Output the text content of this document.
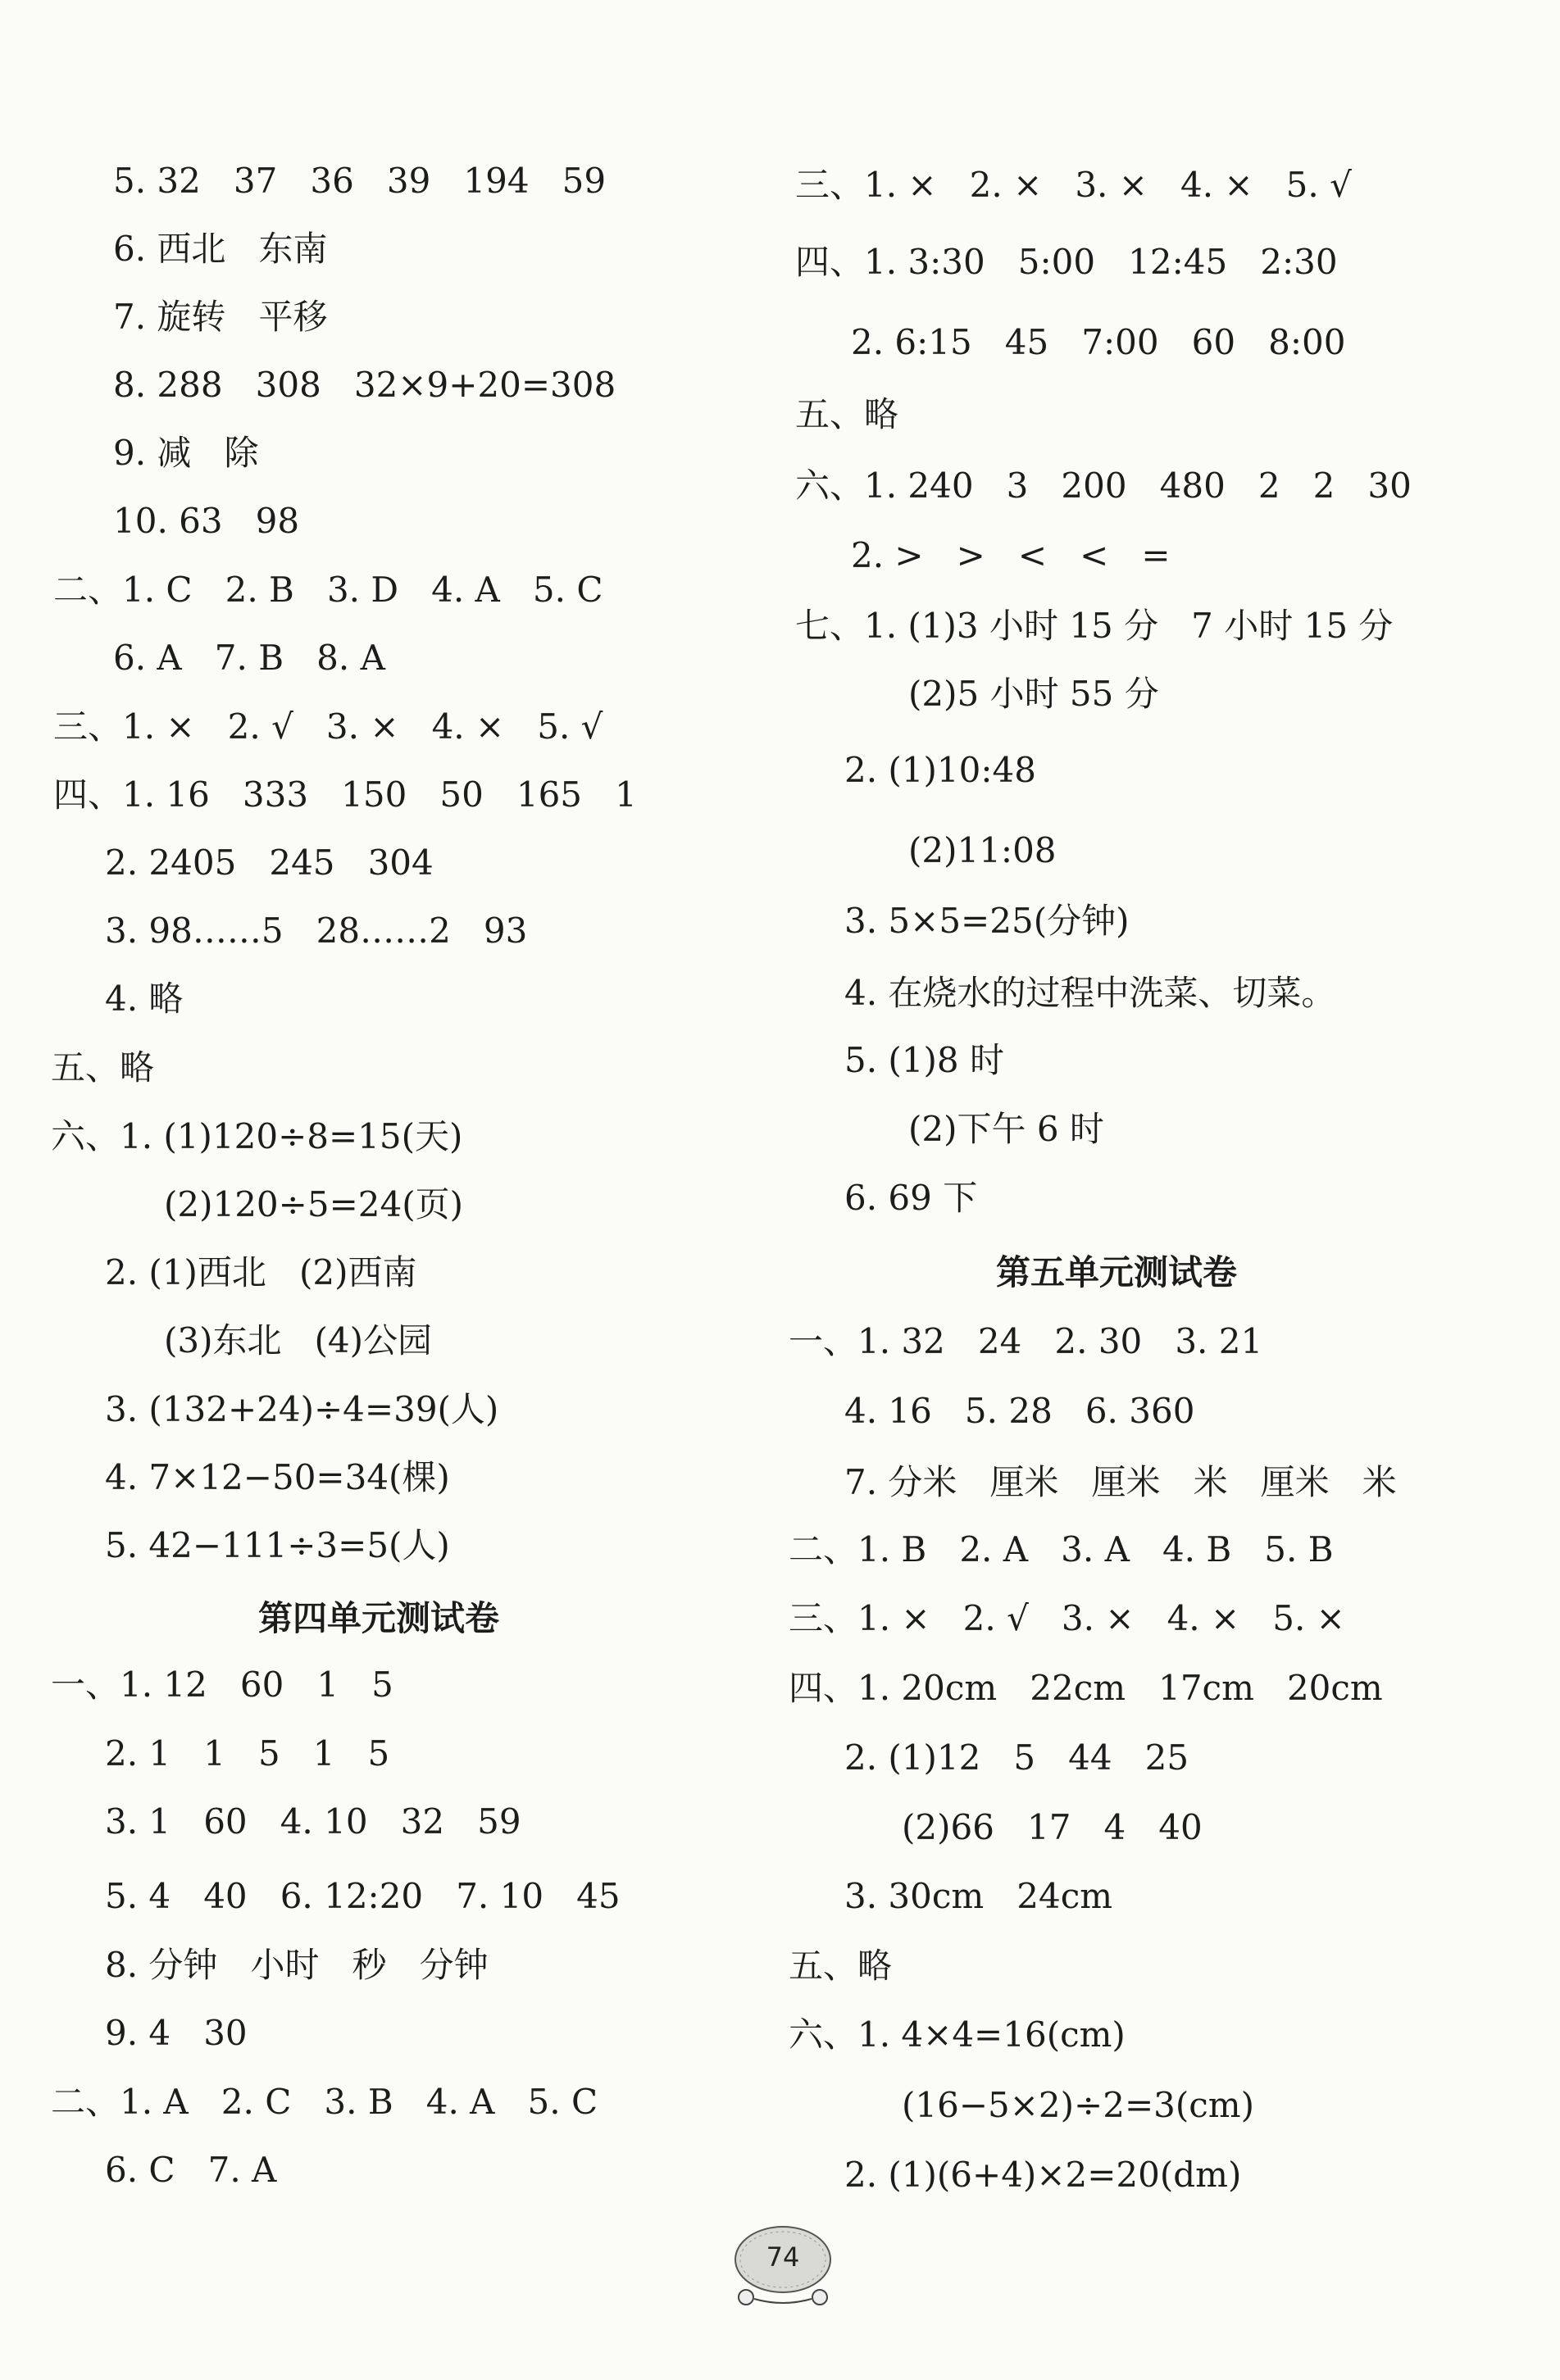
5. 32   37   36   39   194   59
6. 西北   东南
7. 旋转   平移
8. 288   308   32×9+20=308
9. 减   除
10. 63   98
二、1. C   2. B   3. D   4. A   5. C
6. A   7. B   8. A
三、1. ×   2. √   3. ×   4. ×   5. √
四、1. 16   333   150   50   165   1
2. 2405   245   304
3. 98……5   28……2   93
4. 略
五、略
六、1. (1)120÷8=15(天)
(2)120÷5=24(页)
2. (1)西北   (2)西南
(3)东北   (4)公园
3. (132+24)÷4=39(人)
4. 7×12−50=34(棵)
5. 42−111÷3=5(人)
第四单元测试卷
一、1. 12   60   1   5
2. 1   1   5   1   5
3. 1   60   4. 10   32   59
5. 4   40   6. 12:20   7. 10   45
8. 分钟   小时   秒   分钟
9. 4   30
二、1. A   2. C   3. B   4. A   5. C
6. C   7. A
三、1. ×   2. ×   3. ×   4. ×   5. √
四、1. 3:30   5:00   12:45   2:30
2. 6:15   45   7:00   60   8:00
五、略
六、1. 240   3   200   480   2   2   30
2. >   >   <   <   =
七、1. (1)3 小时 15 分   7 小时 15 分
(2)5 小时 55 分
2. (1)10:48
(2)11:08
3. 5×5=25(分钟)
4. 在烧水的过程中洗菜、切菜。
5. (1)8 时
(2)下午 6 时
6. 69 下
第五单元测试卷
一、1. 32   24   2. 30   3. 21
4. 16   5. 28   6. 360
7. 分米   厘米   厘米   米   厘米   米
二、1. B   2. A   3. A   4. B   5. B
三、1. ×   2. √   3. ×   4. ×   5. ×
四、1. 20cm   22cm   17cm   20cm
2. (1)12   5   44   25
(2)66   17   4   40
3. 30cm   24cm
五、略
六、1. 4×4=16(cm)
(16−5×2)÷2=3(cm)
2. (1)(6+4)×2=20(dm)
74
